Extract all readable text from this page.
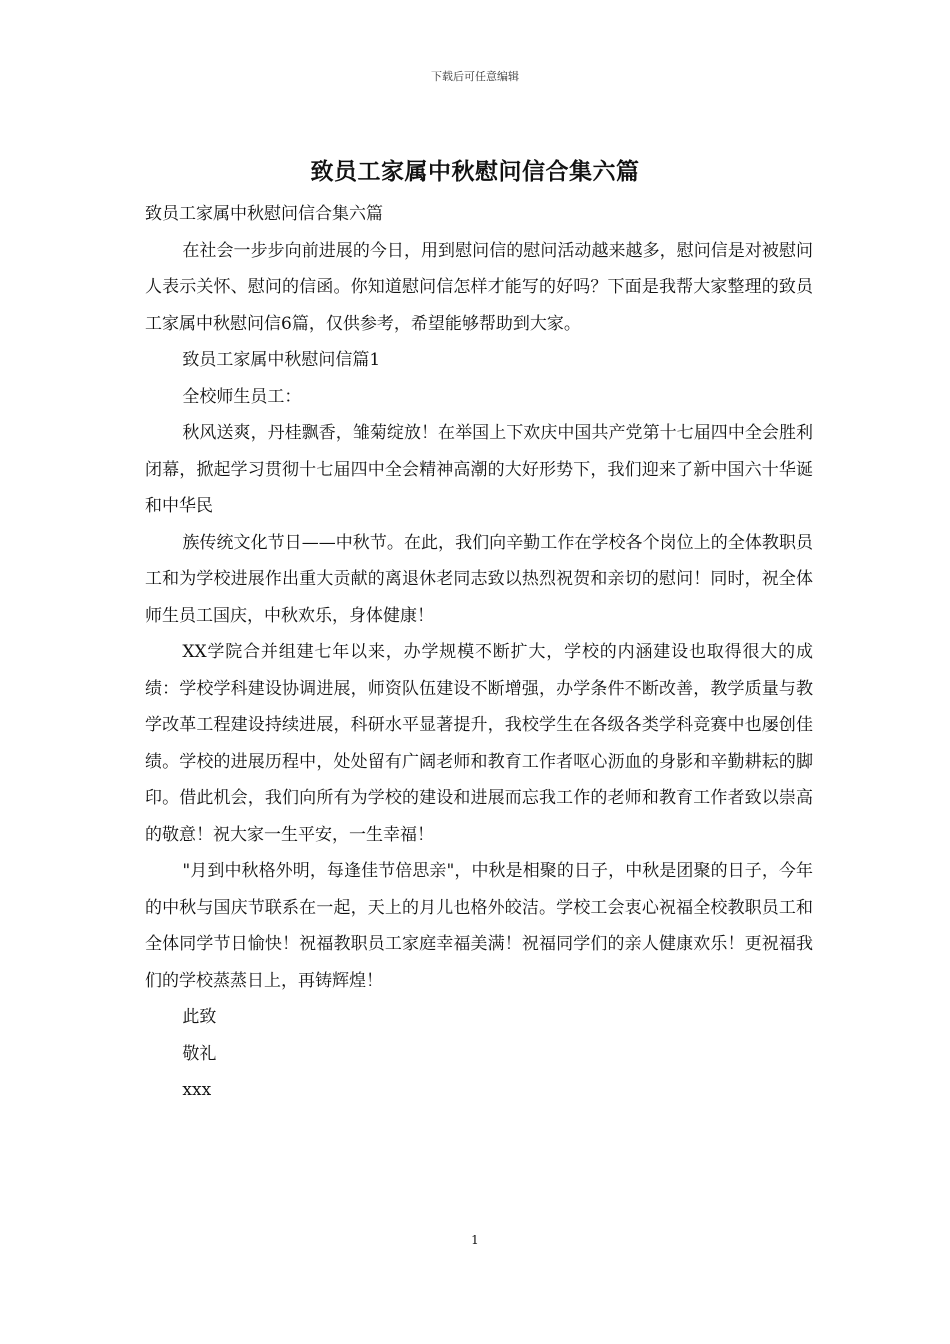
下载后可任意编辑
致员工家属中秋慰问信合集六篇

致员工家属中秋慰问信合集六篇

在社会一步步向前进展的今日，用到慰问信的慰问活动越来越多，慰问信是对被慰问人表示关怀、慰问的信函。你知道慰问信怎样才能写的好吗？下面是我帮大家整理的致员工家属中秋慰问信6篇，仅供参考，希望能够帮助到大家。

致员工家属中秋慰问信篇1

全校师生员工：

秋风送爽，丹桂飘香，雏菊绽放！在举国上下欢庆中国共产党第十七届四中全会胜利闭幕，掀起学习贯彻十七届四中全会精神高潮的大好形势下，我们迎来了新中国六十华诞和中华民

族传统文化节日——中秋节。在此，我们向辛勤工作在学校各个岗位上的全体教职员工和为学校进展作出重大贡献的离退休老同志致以热烈祝贺和亲切的慰问！同时，祝全体师生员工国庆，中秋欢乐，身体健康！

XX学院合并组建七年以来，办学规模不断扩大，学校的内涵建设也取得很大的成绩：学校学科建设协调进展，师资队伍建设不断增强，办学条件不断改善，教学质量与教学改革工程建设持续进展，科研水平显著提升，我校学生在各级各类学科竞赛中也屡创佳绩。学校的进展历程中，处处留有广阔老师和教育工作者呕心沥血的身影和辛勤耕耘的脚印。借此机会，我们向所有为学校的建设和进展而忘我工作的老师和教育工作者致以崇高的敬意！祝大家一生平安，一生幸福！

"月到中秋格外明，每逢佳节倍思亲"，中秋是相聚的日子，中秋是团聚的日子，今年的中秋与国庆节联系在一起，天上的月儿也格外皎洁。学校工会衷心祝福全校教职员工和全体同学节日愉快！祝福教职员工家庭幸福美满！祝福同学们的亲人健康欢乐！更祝福我们的学校蒸蒸日上，再铸辉煌！

此致

敬礼

xxx

1
